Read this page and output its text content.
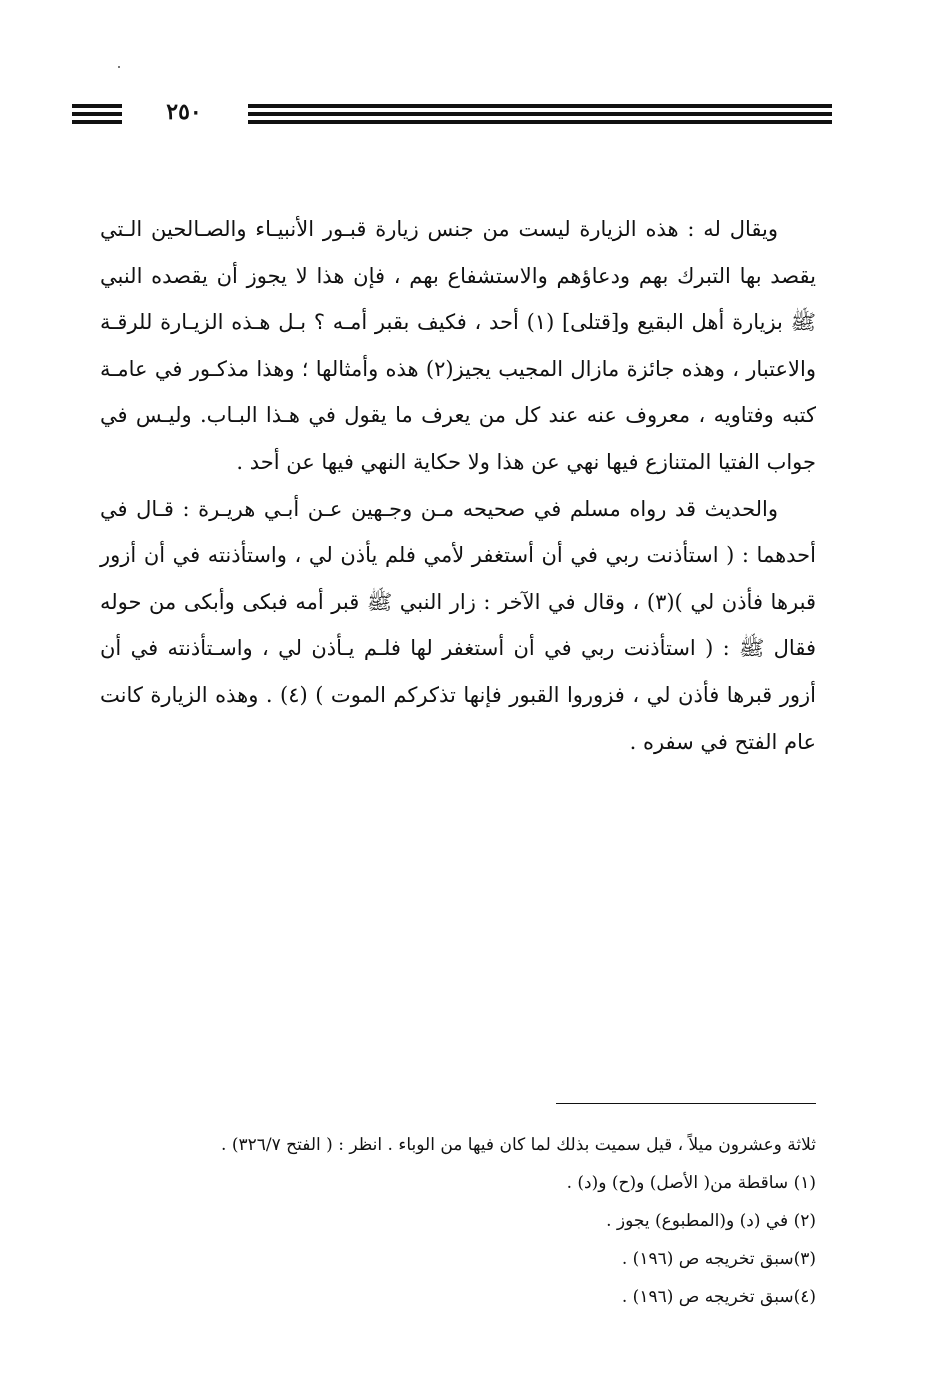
٢٥٠

ويقال له : هذه الزيارة ليست من جنس زيارة قبـور الأنبيـاء والصـالحين الـتي يقصد بها التبرك بهم ودعاؤهم والاستشفاع بهم ، فإن هذا لا يجوز أن يقصده النبي ﷺ بزيارة أهل البقيع و[قتلى] (١) أحد ، فكيف بقبر أمـه ؟ بـل هـذه الزيـارة للرقـة والاعتبار ، وهذه جائزة مازال المجيب يجيز(٢) هذه وأمثالها ؛ وهذا مذكـور في عامـة كتبه وفتاويه ، معروف عنه عند كل من يعرف ما يقول في هـذا البـاب. وليـس في جواب الفتيا المتنازع فيها نهي عن هذا ولا حكاية النهي فيها عن أحد .

والحديث قد رواه مسلم في صحيحه مـن وجـهين عـن أبـي هريـرة : قـال في أحدهما : ( استأذنت ربي في أن أستغفر لأمي فلم يأذن لي ، واستأذنته في أن أزور قبرها فأذن لي )(٣) ، وقال في الآخر : زار النبي ﷺ قبر أمه فبكى وأبكى من حوله فقال ﷺ : ( استأذنت ربي في أن أستغفر لها فلـم يـأذن لي ، واسـتأذنته في أن أزور قبرها فأذن لي ، فزوروا القبور فإنها تذكركم الموت ) (٤) . وهذه الزيارة كانت عام الفتح في سفره .

ثلاثة وعشرون ميلاً ، قيل سميت بذلك لما كان فيها من الوباء . انظر : ( الفتح ٣٢٦/٧) .

(١) ساقطة من( الأصل) و(ح) و(د) .

(٢) في (د) و(المطبوع) يجوز .

(٣)سبق تخريجه ص (١٩٦) .

(٤)سبق تخريجه ص (١٩٦) .
